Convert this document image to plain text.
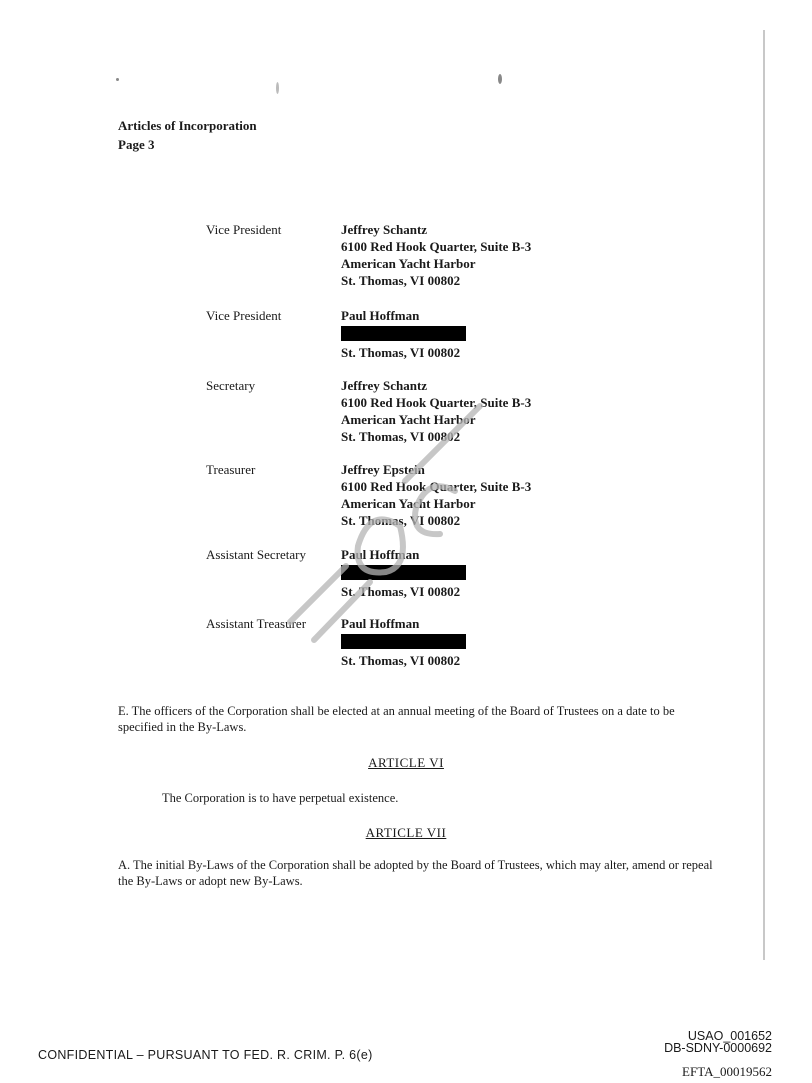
Articles of Incorporation
Page 3
Vice President	Jeffrey Schantz
6100 Red Hook Quarter, Suite B-3
American Yacht Harbor
St. Thomas, VI 00802
Vice President	Paul Hoffman
St. Thomas, VI 00802
Secretary	Jeffrey Schantz
6100 Red Hook Quarter, Suite B-3
American Yacht Harbor
St. Thomas, VI 00802
Treasurer	Jeffrey Epstein
6100 Red Hook Quarter, Suite B-3
American Yacht Harbor
St. Thomas, VI 00802
Assistant Secretary	Paul Hoffman
St. Thomas, VI 00802
Assistant Treasurer	Paul Hoffman
St. Thomas, VI 00802
E. The officers of the Corporation shall be elected at an annual meeting of the Board of Trustees on a date to be specified in the By-Laws.
ARTICLE VI
The Corporation is to have perpetual existence.
ARTICLE VII
A. The initial By-Laws of the Corporation shall be adopted by the Board of Trustees, which may alter, amend or repeal the By-Laws or adopt new By-Laws.
CONFIDENTIAL – PURSUANT TO FED. R. CRIM. P. 6(e)
USAO_001652
DB-SDNY-0000692
EFTA_00019562
